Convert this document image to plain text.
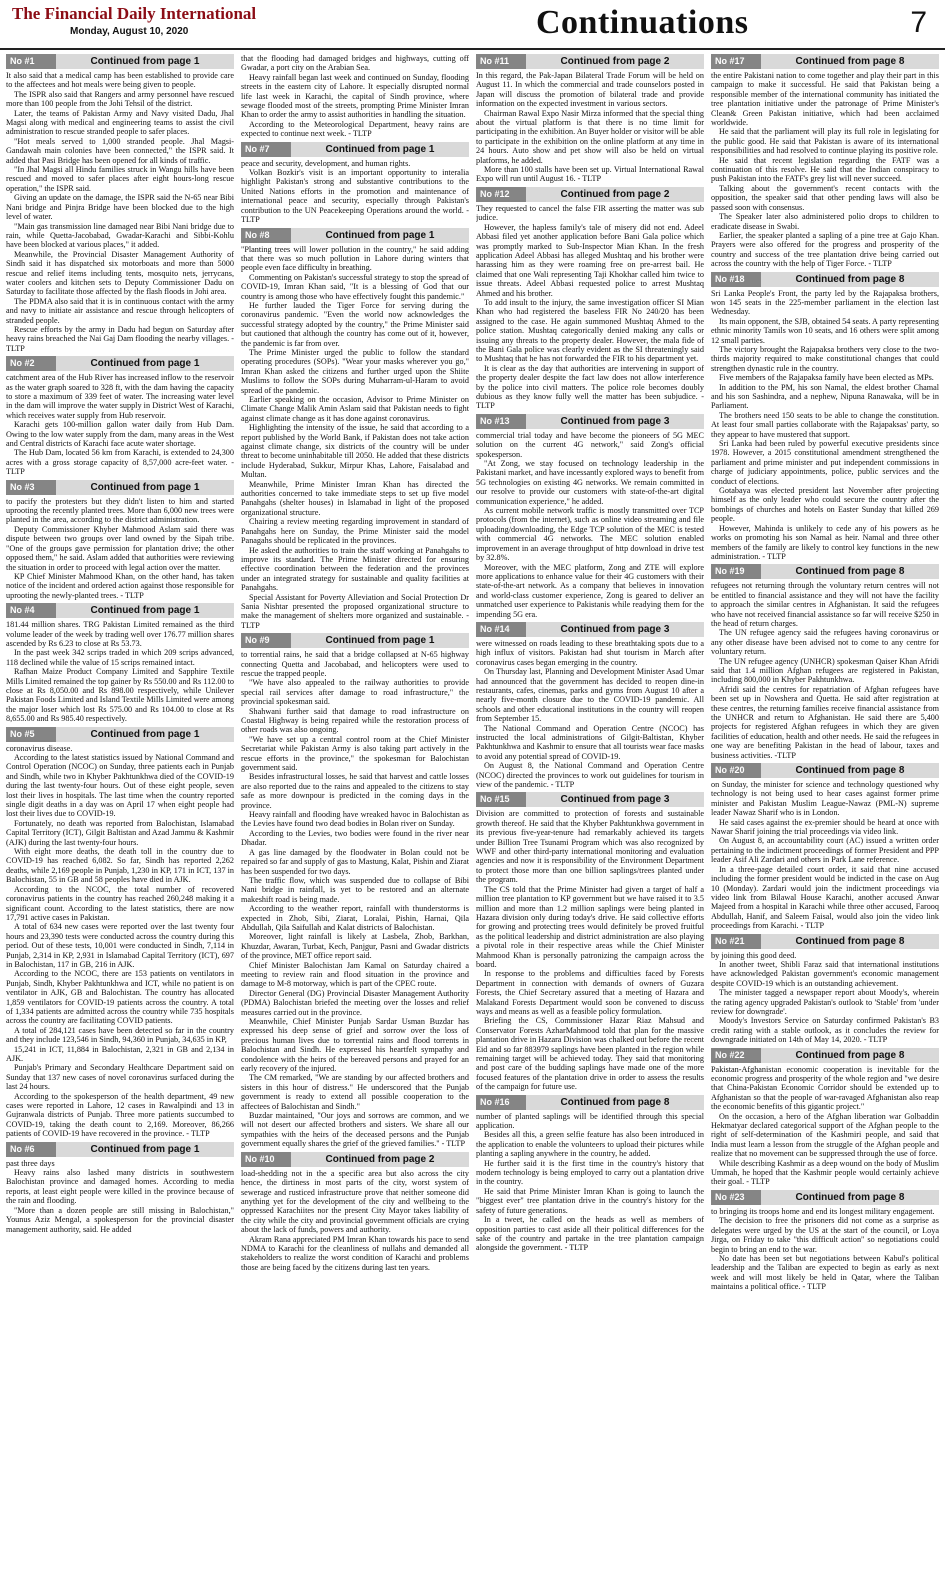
The Financial Daily International
Monday, August 10, 2020	Continuations	7
No #1	Continued from page 1

It also said that a medical camp has been established to provide care to the affectees and hot meals were being given to people.

The ISPR also said that Rangers and army personnel have rescued more than 100 people from the Johi Tehsil of the district.

Later, the teams of Pakistan Army and Navy visited Dadu, Jhal Magsi along with medical and engineering teams to assist the civil administration to rescue stranded people to safer places.

"Hot meals served to 1,000 stranded people. Jhal Magsi-Gandawah main colonies have been connected," the ISPR said. It added that Pasi Bridge has been opened for all kinds of traffic.

"In Jhal Magsi all Hindu families struck in Wangu hills have been rescued and moved to safer places after eight hours-long rescue operation," the ISPR said.

Giving an update on the damage, the ISPR said the N-65 near Bibi Nani bridge and Pinjra Bridge have been blocked due to the high level of water.

"Main gas transmission line damaged near Bibi Nani bridge due to rain, while Quetta-Jacobabad, Gwadar-Karachi and Sibbi-Kohlu have been blocked at various places," it added.

Meanwhile, the Provincial Disaster Management Authority of Sindh said it has dispatched six motorboats and more than 5000 rescue and relief items including tents, mosquito nets, jerrycans, water coolers and kitchen sets to Deputy Commissioner Dadu on Saturday to facilitate those affected by the flash floods in Johi area.

The PDMA also said that it is in continuous contact with the army and navy to initiate air assistance and rescue through helicopters of stranded people.

Rescue efforts by the army in Dadu had begun on Saturday after heavy rains breached the Nai Gaj Dam flooding the nearby villages. - TLTP

No #2	Continued from page 1

catchment area of the Hub River has increased inflow to the reservoir as the water graph soared to 328 ft, with the dam having the capacity to store a maximum of 339 feet of water. The increasing water level in the dam will improve the water supply in District West of Karachi, which receives water supply from Hub reservoir.

Karachi gets 100-million gallon water daily from Hub Dam. Owing to the low water supply from the dam, many areas in the West and Central districts of Karachi face acute water shortage.

The Hub Dam, located 56 km from Karachi, is extended to 24,300 acres with a gross storage capacity of 8,57,000 acre-feet water. - TLTP

No #3	Continued from page 1

to pacify the protesters but they didn't listen to him and started uprooting the recently planted trees. More than 6,000 new trees were planted in the area, according to the district administration.

Deputy Commissioner Khyber Mahmood Aslam said there was dispute between two groups over land owned by the Sipah tribe. "One of the groups gave permission for plantation drive; the other opposed them," he said. Aslam added that authorities were reviewing the situation in order to proceed with legal action over the matter.

KP Chief Minister Mahmood Khan, on the other hand, has taken notice of the incident and ordered action against those responsible for uprooting the newly-planted trees. - TLTP

No #4	Continued from page 1

181.44 million shares. TRG Pakistan Limited remained as the third volume leader of the week by trading well over 176.77 million shares ascended by Rs 6.23 to close at Rs 53.73.

In the past week 342 scrips traded in which 209 scrips advanced, 118 declined while the value of 15 scrips remained intact.

Rafhan Maize Product Company Limited and Sapphire Textile Mills Limited remained the top gainer by Rs 550.00 and Rs 112.00 to close at Rs 8,050.00 and Rs 898.00 respectively, while Unilever Pakistan Foods Limited and Island Textile Mills Limited were among the major loser which lost Rs 575.00 and Rs 104.00 to close at Rs 8,655.00 and Rs 985.40 respectively.

No #5	Continued from page 1

coronavirus disease.

According to the latest statistics issued by National Command and Control Operation (NCOC) on Sunday, three patients each in Punjab and Sindh, while two in Khyber Pakhtunkhwa died of the COVID-19 during the last twenty-four hours. Out of these eight people, seven lost their lives in hospitals. The last time when the country reported single digit deaths in a day was on April 17 when eight people had lost their lives due to COVID-19.

Fortunately, no death was reported from Balochistan, Islamabad Capital Territory (ICT), Gilgit Baltistan and Azad Jammu & Kashmir (AJK) during the last twenty-four hours.

With eight more deaths, the death toll in the country due to COVID-19 has reached 6,082. So far, Sindh has reported 2,262 deaths, while 2,169 people in Punjab, 1,230 in KP, 171 in ICT, 137 in Balochistan, 55 in GB and 58 peoples have died in AJK.

According to the NCOC, the total number of recovered coronavirus patients in the country has reached 260,248 making it a significant count. According to the latest statistics, there are now 17,791 active cases in Pakistan.

A total of 634 new cases were reported over the last twenty four hours and 23,390 tests were conducted across the country during this period. Out of these tests, 10,001 were conducted in Sindh, 7,114 in Punjab, 2,314 in KP, 2,931 in Islamabad Capital Territory (ICT), 697 in Balochistan, 117 in GB, 216 in AJK.

According to the NCOC, there are 153 patients on ventilators in Punjab, Sindh, Khyber Pakhtunkhwa and ICT, while no patient is on ventilator in AJK, GB and Balochistan. The country has allocated 1,859 ventilators for COVID-19 patients across the country. A total of 1,334 patients are admitted across the country while 735 hospitals across the country are facilitating COVID patients.

A total of 284,121 cases have been detected so far in the country and they include 123,546 in Sindh, 94,360 in Punjab, 34,635 in KP,

15,241 in ICT, 11,884 in Balochistan, 2,321 in GB and 2,134 in AJK.

Punjab's Primary and Secondary Healthcare Department said on Sunday that 137 new cases of novel coronavirus surfaced during the last 24 hours.

According to the spokesperson of the health department, 49 new cases were reported in Lahore, 12 cases in Rawalpindi and 13 in Gujranwala districts of Punjab. Three more patients succumbed to COVID-19, taking the death count to 2,169. Moreover, 86,266 patients of COVID-19 have recovered in the province. - TLTP

No #6	Continued from page 1

past three days

Heavy rains also lashed many districts in southwestern Balochistan province and damaged homes. According to media reports, at least eight people were killed in the province because of the rain and flooding.

"More than a dozen people are still missing in Balochistan," Younus Aziz Mengal, a spokesperson for the provincial disaster management authority, said. He added

that the flooding had damaged bridges and highways, cutting off Gwadar, a port city on the Arabian Sea.

Heavy rainfall began last week and continued on Sunday, flooding streets in the eastern city of Lahore. It especially disrupted normal life last week in Karachi, the capital of Sindh province, where sewage flooded most of the streets, prompting Prime Minister Imran Khan to order the army to assist authorities in handling the situation.

According to the Meteorological Department, heavy rains are expected to continue next week. - TLTP

No #7	Continued from page 1

peace and security, development, and human rights.

Volkan Bozkir's visit is an important opportunity to interalia highlight Pakistan's strong and substantive contributions to the United Nations efforts in the promotion and maintenance of international peace and security, especially through Pakistan's contribution to the UN Peacekeeping Operations around the world. - TLTP

No #8	Continued from page 1

"Planting trees will lower pollution in the country," he said adding that there was so much pollution in Lahore during winters that people even face difficulty in breathing.

Commenting on Pakistan's successful strategy to stop the spread of COVID-19, Imran Khan said, "It is a blessing of God that our country is among those who have effectively fought this pandemic."

He further lauded the Tiger Force for serving during the coronavirus pandemic. "Even the world now acknowledges the successful strategy adopted by the country," the Prime Minister said but cautioned that although the country has come out of it, however, the pandemic is far from over.

The Prime Minister urged the public to follow the standard operating procedures (SOPs). "Wear your masks wherever you go," Imran Khan asked the citizens and further urged upon the Shiite Muslims to follow the SOPs during Muharram-ul-Haram to avoid spread of the pandemic.

Earlier speaking on the occasion, Advisor to Prime Minister on Climate Change Malik Amin Aslam said that Pakistan needs to fight against climate change as it has done against coronavirus.

Highlighting the intensity of the issue, he said that according to a report published by the World Bank, if Pakistan does not take action against climate change, six districts of the country will be under threat to become uninhabitable till 2050. He added that these districts include Hyderabad, Sukkur, Mirpur Khas, Lahore, Faisalabad and Multan.

Meanwhile, Prime Minister Imran Khan has directed the authorities concerned to take immediate steps to set up five model Panahgahs (shelter houses) in Islamabad in light of the proposed organizational structure.

Chairing a review meeting regarding improvement in standard of Panahgahs here on Sunday, the Prime Minister said the model Panagahs should be replicated in the provinces.

He asked the authorities to train the staff working at Panahgahs to improve its standard. The Prime Minister directed for ensuring effective coordination between the federation and the provinces under an integrated strategy for sustainable and quality facilities at Panahgahs.

Special Assistant for Poverty Alleviation and Social Protection Dr Sania Nishtar presented the proposed organizational structure to make the management of shelters more organized and sustainable. - TLTP

No #9	Continued from page 1

to torrential rains, he said that a bridge collapsed at N-65 highway connecting Quetta and Jacobabad, and helicopters were used to rescue the trapped people.

"We have also appealed to the railway authorities to provide special rail services after damage to road infrastructure," the provincial spokesman said.

Shahwani further said that damage to road infrastructure on Coastal Highway is being repaired while the restoration process of other roads was also ongoing.

"We have set up a central control room at the Chief Minister Secretariat while Pakistan Army is also taking part actively in the rescue efforts in the province," the spokesman for Balochistan government said.

Besides infrastructural losses, he said that harvest and cattle losses are also reported due to the rains and appealed to the citizens to stay safe as more downpour is predicted in the coming days in the province.

Heavy rainfall and flooding have wreaked havoc in Balochistan as the Levies have found two dead bodies in Bolan river on Sunday.

According to the Levies, two bodies were found in the river near Dhadar.

A gas line damaged by the floodwater in Bolan could not be repaired so far and supply of gas to Mastung, Kalat, Pishin and Ziarat has been suspended for two days.

The traffic flow, which was suspended due to collapse of Bibi Nani bridge in rainfall, is yet to be restored and an alternate makeshift road is being made.

According to the weather report, rainfall with thunderstorms is expected in Zhob, Sibi, Ziarat, Loralai, Pishin, Harnai, Qila Abdullah, Qila Saifullah and Kalat districts of Balochistan.

Moreover, light rainfall is likely at Lasbela, Zhob, Barkhan, Khuzdar, Awaran, Turbat, Kech, Panjgur, Pasni and Gwadar districts of the province, MET office report said.

Chief Minister Balochistan Jam Kamal on Saturday chaired a meeting to review rain and flood situation in the province and damage to M-8 motorway, which is part of the CPEC route.

Director General (DG) Provincial Disaster Management Authority (PDMA) Balochistan briefed the meeting over the losses and relief measures carried out in the province.

Meanwhile, Chief Minister Punjab Sardar Usman Buzdar has expressed his deep sense of grief and sorrow over the loss of precious human lives due to torrential rains and flood torrents in Balochistan and Sindh. He expressed his heartfelt sympathy and condolence with the heirs of the bereaved persons and prayed for an early recovery of the injured.

The CM remarked, "We are standing by our affected brothers and sisters in this hour of distress." He underscored that the Punjab government is ready to extend all possible cooperation to the affectees of Balochistan and Sindh."

Buzdar maintained, "Our joys and sorrows are common, and we will not desert our affected brothers and sisters. We share all our sympathies with the heirs of the deceased persons and the Punjab government equally shares the grief of the grieved families." - TLTP

No #10	Continued from page 2

load-shedding not in the a specific area but also across the city hence, the dirtiness in most parts of the city, worst system of sewerage and rusticed infrastructure prove that neither someone did anything yet for the development of the city and wellbeing to the oppressed Karachiites nor the present City Mayor takes liability of the city while the city and provincial government officials are crying about the lack of funds, powers and authority.

Akram Rana appreciated PM Imran Khan towards his pace to send NDMA to Karachi for the cleanliness of nullahs and demanded all stakeholders to realize the worst condition of Karachi and problems those are being faced by the citizens during last ten years.

No #11	Continued from page 2

In this regard, the Pak-Japan Bilateral Trade Forum will be held on August 11. In which the commercial and trade counselors posted in Japan will discuss the promotion of bilateral trade and provide information on the expected investment in various sectors.

Chairman Rawal Expo Nasir Mirza informed that the special thing about the virtual platform is that there is no time limit for participating in the exhibition. An Buyer holder or visitor will be able to participate in the exhibition on the online platform at any time in 24 hours. Auto show and pet show will also be held on virtual platforms, he added.

More than 100 stalls have been set up. Virtual International Rawal Expo will run until August 16. - TLTP

No #12	Continued from page 2

They requested to cancel the false FIR asserting the matter was sub judice.

However, the hapless family's tale of misery did not end. Adeel Abbasi filed yet another application before Bani Gala police which was promptly marked to Sub-Inspector Mian Khan. In the fresh application Adeel Abbasi has alleged Mushtaq and his brother were harassing him as they were roaming free on pre-arrest bail. He claimed that one Wali representing Taji Khokhar called him twice to issue threats. Adeel Abbasi requested police to arrest Mushtaq Ahmed and his brother.

To add insult to the injury, the same investigation officer SI Mian Khan who had registered the baseless FIR No 240/20 has been assigned to the case. He again summoned Mushtaq Ahmed to the police station. Mushtaq categorically denied making any calls or issuing any threats to the property dealer. However, the mala fide of the Bani Gala police was clearly evident as the SI threateningly said to Mushtaq that he has not forwarded the FIR to his department yet.

It is clear as the day that authorities are intervening in support of the property dealer despite the fact law does not allow interference by the police into civil matters. The police role becomes doubly dubious as they know fully well the matter has been subjudice. - TLTP

No #13	Continued from page 3

commercial trial today and have become the pioneers of 5G MEC solution on the current 4G network," said Zong's official spokesperson.

"At Zong, we stay focused on technology leadership in the Pakistani market, and have incessantly explored ways to benefit from 5G technologies on existing 4G networks. We remain committed in our resolve to provide our customers with state-of-the-art digital communication experience," he added.

As current mobile network traffic is mostly transmitted over TCP protocols (from the internet), such as online video streaming and file uploading/downloading, the Edge TCP solution of the MEC is tested with commercial 4G networks. The MEC solution enabled improvement in an average throughput of http download in drive test by 32.8%.

Moreover, with the MEC platform, Zong and ZTE will explore more applications to enhance value for their 4G customers with their state-of-the-art network. As a company that believes in innovation and world-class customer experience, Zong is geared to deliver an unmatched user experience to Pakistanis while readying them for the impending 5G era.

No #14	Continued from page 3

were witnessed on roads leading to these breathtaking spots due to a high influx of visitors. Pakistan had shut tourism in March after coronavirus cases began emerging in the country.

On Thursday last, Planning and Development Minister Asad Umar had announced that the government has decided to reopen dine-in restaurants, cafes, cinemas, parks and gyms from August 10 after a nearly five-month closure due to the COVID-19 pandemic. All schools and other educational institutions in the country will reopen from September 15.

The National Command and Operation Centre (NCOC) has instructed the local administrations of Gilgit-Baltistan, Khyber Pakhtunkhwa and Kashmir to ensure that all tourists wear face masks to avoid any potential spread of COVID-19.

On August 8, the National Command and Operation Centre (NCOC) directed the provinces to work out guidelines for tourism in view of the pandemic. - TLTP

No #15	Continued from page 3

Division are committed to protection of forests and sustainable growth thereof. He said that the Khyber Pakhtunkhwa government in its previous five-year-tenure had remarkably achieved its targets under Billion Tree Tsunami Program which was also recognized by WWF and other third-party international monitoring and evaluation agencies and now it is responsibility of the Environment Department to protect those more than one billion saplings/trees planted under the program.

The CS told that the Prime Minister had given a target of half a million tree plantation to KP government but we have raised it to 3.5 million and more than 1.2 million saplings were being planted in Hazara division only during today's drive. He said collective efforts for growing and protecting trees would definitely be proved fruitful as the political leadership and district administration are also playing a pivotal role in their respective areas while the Chief Minister Mahmood Khan is personally patronizing the campaign across the board.

In response to the problems and difficulties faced by Forests Department in connection with demands of owners of Guzara Forests, the Chief Secretary assured that a meeting of Hazara and Malakand Forests Department would soon be convened to discuss ways and means as well as a feasible policy formulation.

Briefing the CS, Commissioner Hazar Riaz Mahsud and Conservator Forests AzharMahmood told that plan for the massive plantation drive in Hazara Division was chalked out before the recent Eid and so far 883979 saplings have been planted in the region while remaining target will be achieved today. They said that monitoring and post care of the budding saplings have made one of the more focused features of the plantation drive in order to assess the results of the campaign for future use.

No #16	Continued from page 8

number of planted saplings will be identified through this special application.

Besides all this, a green selfie feature has also been introduced in the application to enable the volunteers to upload their pictures while planting a sapling anywhere in the country, he added.

He further said it is the first time in the country's history that modern technology is being employed to carry out a plantation drive in the country.

He said that Prime Minister Imran Khan is going to launch the "biggest ever" tree plantation drive in the country's history for the safety of future generations.

In a tweet, he called on the heads as well as members of opposition parties to cast aside all their political differences for the sake of the country and partake in the tree plantation campaign alongside the government. - TLTP

No #17	Continued from page 8

the entire Pakistani nation to come together and play their part in this campaign to make it successful. He said that Pakistan being a responsible member of the international community has initiated the tree plantation initiative under the patronage of Prime Minister's Clean& Green Pakistan initiative, which had been acclaimed worldwide.

He said that the parliament will play its full role in legislating for the public good. He said that Pakistan is aware of its international responsibilities and had resolved to continue playing its positive role.

He said that recent legislation regarding the FATF was a continuation of this resolve. He said that the Indian conspiracy to push Pakistan into the FATF's grey list will never succeed.

Talking about the government's recent contacts with the opposition, the speaker said that other pending laws will also be passed soon with consensus.

The Speaker later also administered polio drops to children to eradicate disease in Swabi.

Earlier, the speaker planted a sapling of a pine tree at Gajo Khan. Prayers were also offered for the progress and prosperity of the country and success of the tree plantation drive being carried out across the country with the help of Tiger Force. - TLTP

No #18	Continued from page 8

Sri Lanka People's Front, the party led by the Rajapaksa brothers, won 145 seats in the 225-member parliament in the election last Wednesday.

Its main opponent, the SJB, obtained 54 seats. A party representing ethnic minority Tamils won 10 seats, and 16 others were split among 12 small parties.

The victory brought the Rajapaksa brothers very close to the two-thirds majority required to make constitutional changes that could strengthen dynastic rule in the country.

Five members of the Rajapaksa family have been elected as MPs.

In addition to the PM, his son Namal, the eldest brother Chamal and his son Sashindra, and a nephew, Nipuna Ranawaka, will be in Parliament.

The brothers need 150 seats to be able to change the constitution. At least four small parties collaborate with the Rajapaksas' party, so they appear to have mustered that support.

Sri Lanka had been ruled by powerful executive presidents since 1978. However, a 2015 constitutional amendment strengthened the parliament and prime minister and put independent commissions in charge of judiciary appointments, police, public services and the conduct of elections.

Gotabaya was elected president last November after projecting himself as the only leader who could secure the country after the bombings of churches and hotels on Easter Sunday that killed 269 people.

However, Mahinda is unlikely to cede any of his powers as he works on promoting his son Namal as heir. Namal and three other members of the family are likely to control key functions in the new administration. - TLTP

No #19	Continued from page 8

refugees not returning through the voluntary return centres will not be entitled to financial assistance and they will not have the facility to approach the similar centres in Afghanistan. It said the refugees who have not received financial assistance so far will receive $250 in the head of return charges.

The UN refugee agency said the refugees having coronavirus or any other disease have been advised not to come to any centre for voluntary return.

The UN refugee agency (UNHCR) spokesman Qaiser Khan Afridi said that 1.4 million Afghan refugees are registered in Pakistan, including 800,000 in Khyber Pakhtunkhwa.

Afridi said the centres for repatriation of Afghan refugees have been set up in Nowshera and Quetta. He said after registration at these centres, the returning families receive financial assistance from the UNHCR and return to Afghanistan. He said there are 5,400 projects for registered Afghan refugees in which they are given facilities of education, health and other needs. He said the refugees in one way are benefiting Pakistan in the head of labour, taxes and business activities. -TLTP

No #20	Continued from page 8

on Sunday, the minister for science and technology questioned why technology is not being used to hear cases against former prime minister and Pakistan Muslim League-Nawaz (PML-N) supreme leader Nawaz Sharif who is in London.

He said cases against the ex-premier should be heard at once with Nawar Sharif joining the trial proceedings via video link.

On August 8, an accountability court (AC) issued a written order pertaining to the indictment proceedings of former President and PPP leader Asif Ali Zardari and others in Park Lane reference.

In a three-page detailed court order, it said that nine accused including the former president would be indicted in the case on Aug 10 (Monday). Zardari would join the indictment proceedings via video link from Bilawal House Karachi, another accused Anwar Majeed from a hospital in Karachi while three other accused, Farooq Abdullah, Hanif, and Saleem Faisal, would also join the video link proceedings from Karachi. - TLTP

No #21	Continued from page 8

by joining this good deed.

In another tweet, Shibli Faraz said that international institutions have acknowledged Pakistan government's economic management despite COVID-19 which is an outstanding achievement.

The minister tagged a newspaper report about Moody's, wherein the rating agency upgraded Pakistan's outlook to 'Stable' from 'under review for downgrade'.

Moody's Investors Service on Saturday confirmed Pakistan's B3 credit rating with a stable outlook, as it concludes the review for downgrade initiated on 14th of May 14, 2020. - TLTP

No #22	Continued from page 8

Pakistan-Afghanistan economic cooperation is inevitable for the economic progress and prosperity of the whole region and "we desire that China-Pakistan Economic Corridor should be extended up to Afghanistan so that the people of war-ravaged Afghanistan also reap the economic benefits of this gigantic project."

On the occasion, a hero of the Afghan liberation war Golbaddin Hekmatyar declared categorical support of the Afghan people to the right of self-determination of the Kashmiri people, and said that India must learn a lesson from the struggle of the Afghan people and realize that no movement can be suppressed through the use of force.

While describing Kashmir as a deep wound on the body of Muslim Ummah, he hoped that the Kashmir people would certainly achieve their goal. - TLTP

No #23	Continued from page 8

to bringing its troops home and end its longest military engagement.

The decision to free the prisoners did not come as a surprise as delegates were urged by the US at the start of the council, or Loya Jirga, on Friday to take "this difficult action" so negotiations could begin to bring an end to the war.

No date has been set but negotiations between Kabul's political leadership and the Taliban are expected to begin as early as next week and will most likely be held in Qatar, where the Taliban maintains a political office. - TLTP
